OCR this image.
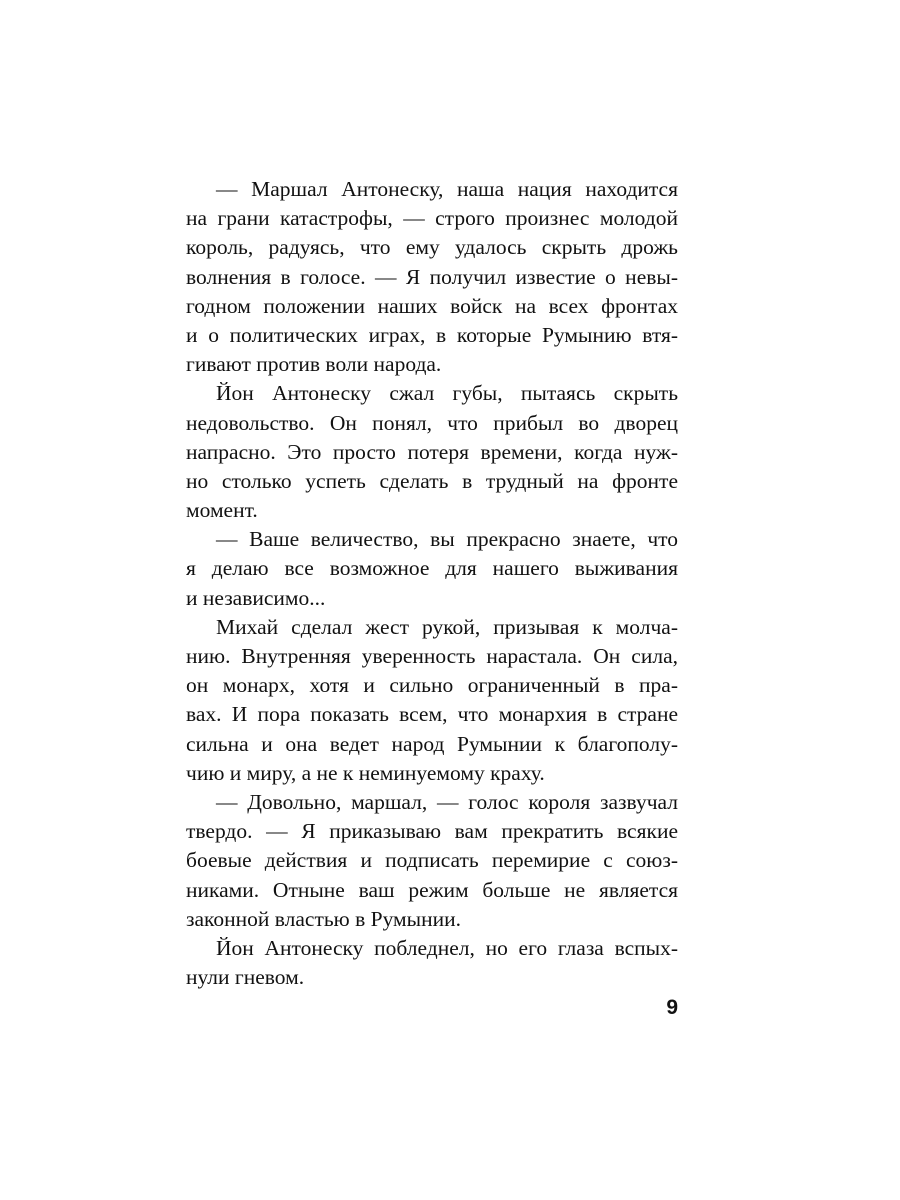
— Маршал Антонеску, наша нация находится
на грани катастрофы, — строго произнес молодой
король, радуясь, что ему удалось скрыть дрожь
волнения в голосе. — Я получил известие о невы-
годном положении наших войск на всех фронтах
и о политических играх, в которые Румынию втя-
гивают против воли народа.
Йон Антонеску сжал губы, пытаясь скрыть
недовольство. Он понял, что прибыл во дворец
напрасно. Это просто потеря времени, когда нуж-
но столько успеть сделать в трудный на фронте
момент.
— Ваше величество, вы прекрасно знаете, что
я делаю все возможное для нашего выживания
и независимо...
Михай сделал жест рукой, призывая к молча-
нию. Внутренняя уверенность нарастала. Он сила,
он монарх, хотя и сильно ограниченный в пра-
вах. И пора показать всем, что монархия в стране
сильна и она ведет народ Румынии к благополу-
чию и миру, а не к неминуемому краху.
— Довольно, маршал, — голос короля зазвучал
твердо. — Я приказываю вам прекратить всякие
боевые действия и подписать перемирие с союз-
никами. Отныне ваш режим больше не является
законной властью в Румынии.
Йон Антонеску побледнел, но его глаза вспых-
нули гневом.
9
